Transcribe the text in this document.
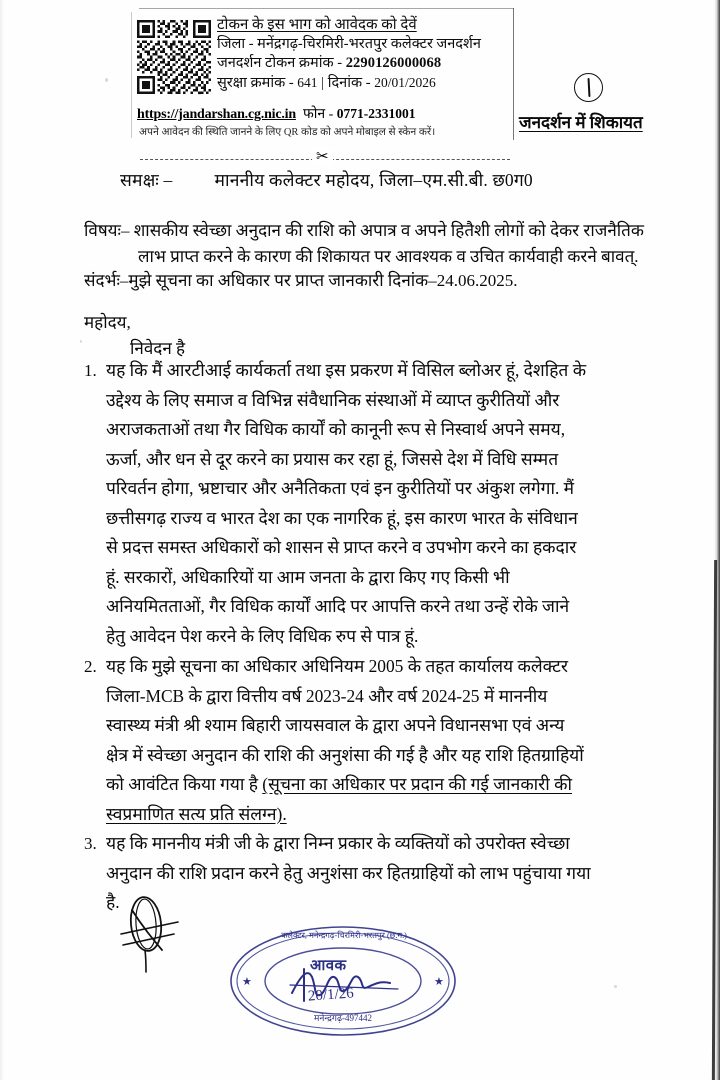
टोकन के इस भाग को आवेदक को देवें
जिला - मनेंद्रगढ़-चिरमिरी-भरतपुर कलेक्टर जनदर्शन
जनदर्शन टोकन क्रमांक - 2290126000068
सुरक्षा क्रमांक - 641 | दिनांक - 20/01/2026
https://jandarshan.cg.nic.in फोन - 0771-2331001
अपने आवेदन की स्थिति जानने के लिए QR कोड को अपने मोबाइल से स्केन करें।
✂
जनदर्शन में शिकायत
समक्षः – माननीय कलेक्टर महोदय, जिला–एम.सी.बी. छ0ग0
विषयः– शासकीय स्वेच्छा अनुदान की राशि को अपात्र व अपने हितैशी लोगों को देकर राजनैतिक
लाभ प्राप्त करने के कारण की शिकायत पर आवश्यक व उचित कार्यवाही करने बावत्.
संदर्भः–मुझे सूचना का अधिकार पर प्राप्त जानकारी दिनांक–24.06.2025.
महोदय,
निवेदन है
1. यह कि मैं आरटीआई कार्यकर्ता तथा इस प्रकरण में विसिल ब्लोअर हूं, देशहित के
उद्देश्य के लिए समाज व विभिन्न संवैधानिक संस्थाओं में व्याप्त कुरीतियों और
अराजकताओं तथा गैर विधिक कार्यों को कानूनी रूप से निस्वार्थ अपने समय,
ऊर्जा, और धन से दूर करने का प्रयास कर रहा हूं, जिससे देश में विधि सम्मत
परिवर्तन होगा, भ्रष्टाचार और अनैतिकता एवं इन कुरीतियों पर अंकुश लगेगा. मैं
छत्तीसगढ़ राज्य व भारत देश का एक नागरिक हूं, इस कारण भारत के संविधान
से प्रदत्त समस्त अधिकारों को शासन से प्राप्त करने व उपभोग करने का हकदार
हूं. सरकारों, अधिकारियों या आम जनता के द्वारा किए गए किसी भी
अनियमितताओं, गैर विधिक कार्यों आदि पर आपत्ति करने तथा उन्हें रोके जाने
हेतु आवेदन पेश करने के लिए विधिक रुप से पात्र हूं.
2. यह कि मुझे सूचना का अधिकार अधिनियम 2005 के तहत कार्यालय कलेक्टर
जिला-MCB के द्वारा वित्तीय वर्ष 2023-24 और वर्ष 2024-25 में माननीय
स्वास्थ्य मंत्री श्री श्याम बिहारी जायसवाल के द्वारा अपने विधानसभा एवं अन्य
क्षेत्र में स्वेच्छा अनुदान की राशि की अनुशंसा की गई है और यह राशि हितग्राहियों
को आवंटित किया गया है (सूचना का अधिकार पर प्रदान की गई जानकारी की
स्वप्रमाणित सत्य प्रति संलग्न).
3. यह कि माननीय मंत्री जी के द्वारा निम्न प्रकार के व्यक्तियों को उपरोक्त स्वेच्छा
अनुदान की राशि प्रदान करने हेतु अनुशंसा कर हितग्राहियों को लाभ पहुंचाया गया
है.
★	★
कलेक्टर, मनेन्द्रगढ़-चिरमिरी-भरतपुर (छ.ग.)
आवक
20/1/26
मनेन्द्रगढ़-497442
